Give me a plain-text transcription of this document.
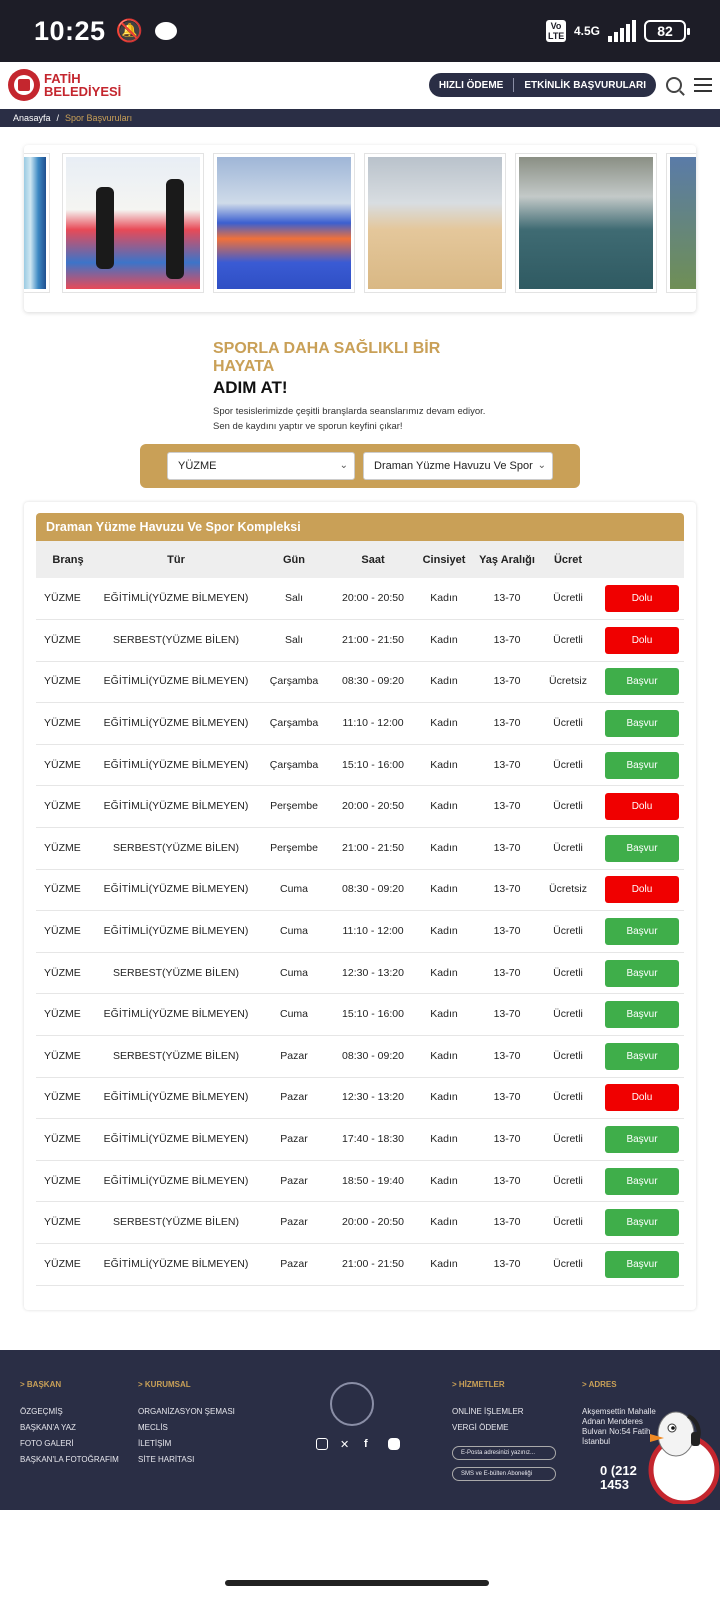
10:25 🔕	Vo LTE 4.5G	82
FATİH
BELEDİYESİ	HIZLI ÖDEME	ETKİNLİK BAŞVURULARI
Anasayfa / Spor Başvuruları
SPORLA DAHA SAĞLIKLI BİR HAYATA
ADIM AT!
Spor tesislerimizde çeşitli branşlarda seanslarımız devam ediyor. Sen de kaydını yaptır ve sporun keyfini çıkar!
YÜZME	⌄ Draman Yüzme Havuzu Ve Spor ⌄
Draman Yüzme Havuzu Ve Spor Kompleksi
Branş	Tür	Gün	Saat	Cinsiyet	Yaş Aralığı	Ücret	
YÜZME	EĞİTİMLİ(YÜZME BİLMEYEN)	Salı	20:00 - 20:50	Kadın	13-70	Ücretli	Dolu
YÜZME	SERBEST(YÜZME BİLEN)	Salı	21:00 - 21:50	Kadın	13-70	Ücretli	Dolu
YÜZME	EĞİTİMLİ(YÜZME BİLMEYEN)	Çarşamba	08:30 - 09:20	Kadın	13-70	Ücretsiz	Başvur
YÜZME	EĞİTİMLİ(YÜZME BİLMEYEN)	Çarşamba	11:10 - 12:00	Kadın	13-70	Ücretli	Başvur
YÜZME	EĞİTİMLİ(YÜZME BİLMEYEN)	Çarşamba	15:10 - 16:00	Kadın	13-70	Ücretli	Başvur
YÜZME	EĞİTİMLİ(YÜZME BİLMEYEN)	Perşembe	20:00 - 20:50	Kadın	13-70	Ücretli	Dolu
YÜZME	SERBEST(YÜZME BİLEN)	Perşembe	21:00 - 21:50	Kadın	13-70	Ücretli	Başvur
YÜZME	EĞİTİMLİ(YÜZME BİLMEYEN)	Cuma	08:30 - 09:20	Kadın	13-70	Ücretsiz	Dolu
YÜZME	EĞİTİMLİ(YÜZME BİLMEYEN)	Cuma	11:10 - 12:00	Kadın	13-70	Ücretli	Başvur
YÜZME	SERBEST(YÜZME BİLEN)	Cuma	12:30 - 13:20	Kadın	13-70	Ücretli	Başvur
YÜZME	EĞİTİMLİ(YÜZME BİLMEYEN)	Cuma	15:10 - 16:00	Kadın	13-70	Ücretli	Başvur
YÜZME	SERBEST(YÜZME BİLEN)	Pazar	08:30 - 09:20	Kadın	13-70	Ücretli	Başvur
YÜZME	EĞİTİMLİ(YÜZME BİLMEYEN)	Pazar	12:30 - 13:20	Kadın	13-70	Ücretli	Dolu
YÜZME	EĞİTİMLİ(YÜZME BİLMEYEN)	Pazar	17:40 - 18:30	Kadın	13-70	Ücretli	Başvur
YÜZME	EĞİTİMLİ(YÜZME BİLMEYEN)	Pazar	18:50 - 19:40	Kadın	13-70	Ücretli	Başvur
YÜZME	SERBEST(YÜZME BİLEN)	Pazar	20:00 - 20:50	Kadın	13-70	Ücretli	Başvur
YÜZME	EĞİTİMLİ(YÜZME BİLMEYEN)	Pazar	21:00 - 21:50	Kadın	13-70	Ücretli	Başvur
> BAŞKAN
ÖZGEÇMİŞ
BAŞKAN'A YAZ
FOTO GALERİ
BAŞKAN'LA FOTOĞRAFIM
> KURUMSAL
ORGANİZASYON ŞEMASI
MECLİS
İLETİŞİM
SİTE HARİTASI
✕ f
> HİZMETLER
ONLİNE İŞLEMLER
VERGİ ÖDEME
E-Posta adresinizi yazınız...
SMS ve E-bülten Aboneliği
> ADRES
Akşemsettin Mahalle
Adnan Menderes
Bulvarı No:54 Fatih
İstanbul
0 (212
1453
